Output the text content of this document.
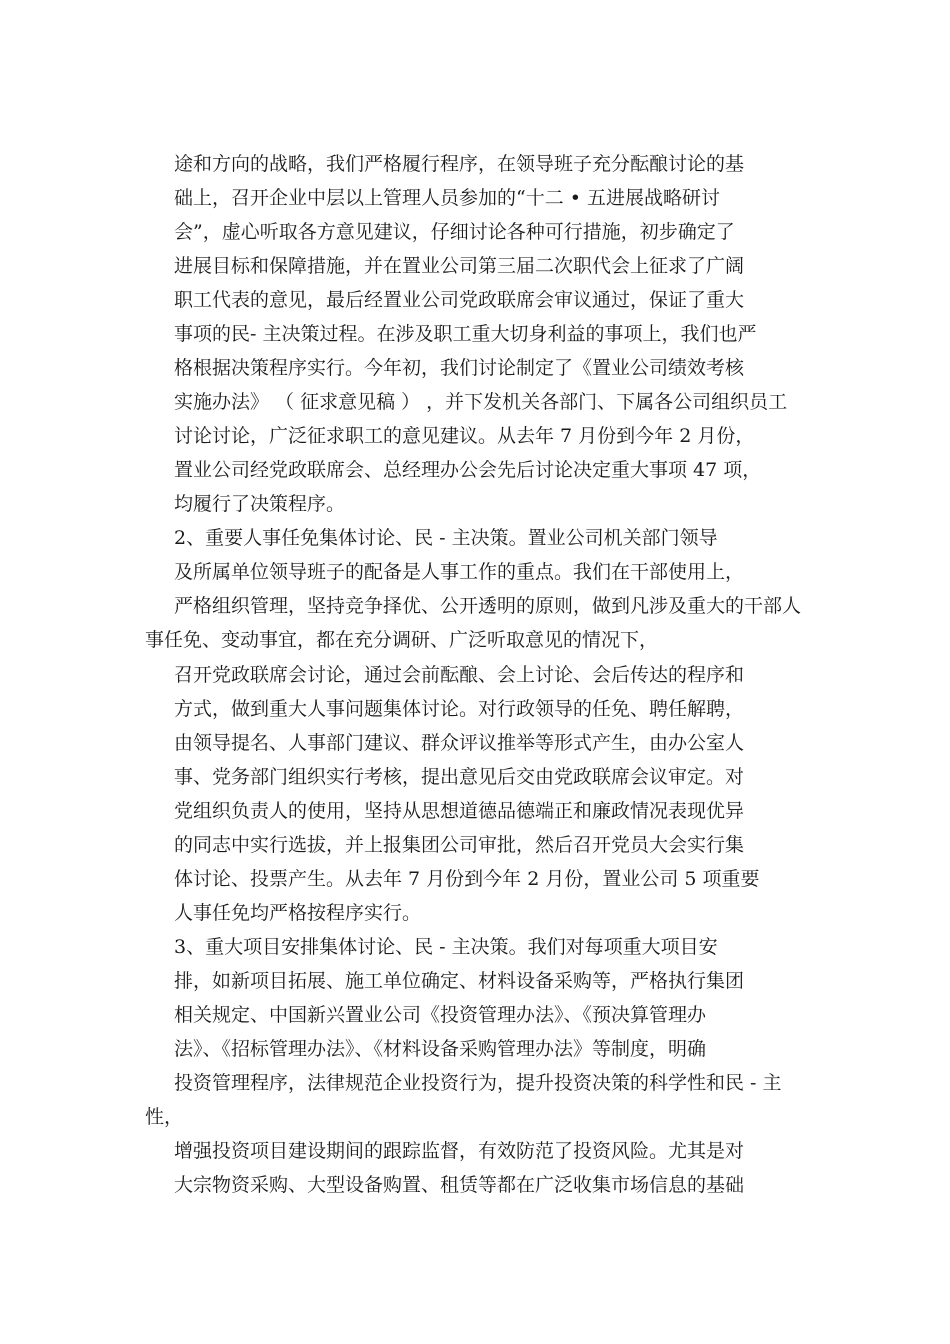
途和方向的战略，我们严格履行程序，在领导班子充分酝酿讨论的基

础上，召开企业中层以上管理人员参加的“十二 • 五进展战略研讨

会”，虚心听取各方意见建议，仔细讨论各种可行措施，初步确定了

进展目标和保障措施，并在置业公司第三届二次职代会上征求了广阔

职工代表的意见，最后经置业公司党政联席会审议通过，保证了重大

事项的民- 主决策过程。在涉及职工重大切身利益的事项上，我们也严

格根据决策程序实行。今年初，我们讨论制定了《置业公司绩效考核

实施办法》 （ 征求意见稿 ） ，并下发机关各部门、下属各公司组织员工

讨论讨论，广泛征求职工的意见建议。从去年 7 月份到今年 2 月份，

置业公司经党政联席会、总经理办公会先后讨论决定重大事项 47 项，

均履行了决策程序。

2、重要人事任免集体讨论、民 - 主决策。置业公司机关部门领导

及所属单位领导班子的配备是人事工作的重点。我们在干部使用上，

严格组织管理，坚持竞争择优、公开透明的原则，做到凡涉及重大的干部人

事任免、变动事宜，都在充分调研、广泛听取意见的情况下，

召开党政联席会讨论，通过会前酝酿、会上讨论、会后传达的程序和

方式，做到重大人事问题集体讨论。对行政领导的任免、聘任解聘，

由领导提名、人事部门建议、群众评议推举等形式产生，由办公室人

事、党务部门组织实行考核，提出意见后交由党政联席会议审定。对

党组织负责人的使用，坚持从思想道德品德端正和廉政情况表现优异

的同志中实行选拔，并上报集团公司审批，然后召开党员大会实行集

体讨论、投票产生。从去年 7 月份到今年 2 月份，置业公司 5 项重要

人事任免均严格按程序实行。

3、重大项目安排集体讨论、民 - 主决策。我们对每项重大项目安

排，如新项目拓展、施工单位确定、材料设备采购等，严格执行集团

相关规定、中国新兴置业公司《投资管理办法》、《预决算管理办

法》、《招标管理办法》、《材料设备采购管理办法》等制度，明确

投资管理程序，法律规范企业投资行为，提升投资决策的科学性和民 - 主

性，

增强投资项目建设期间的跟踪监督，有效防范了投资风险。尤其是对

大宗物资采购、大型设备购置、租赁等都在广泛收集市场信息的基础
